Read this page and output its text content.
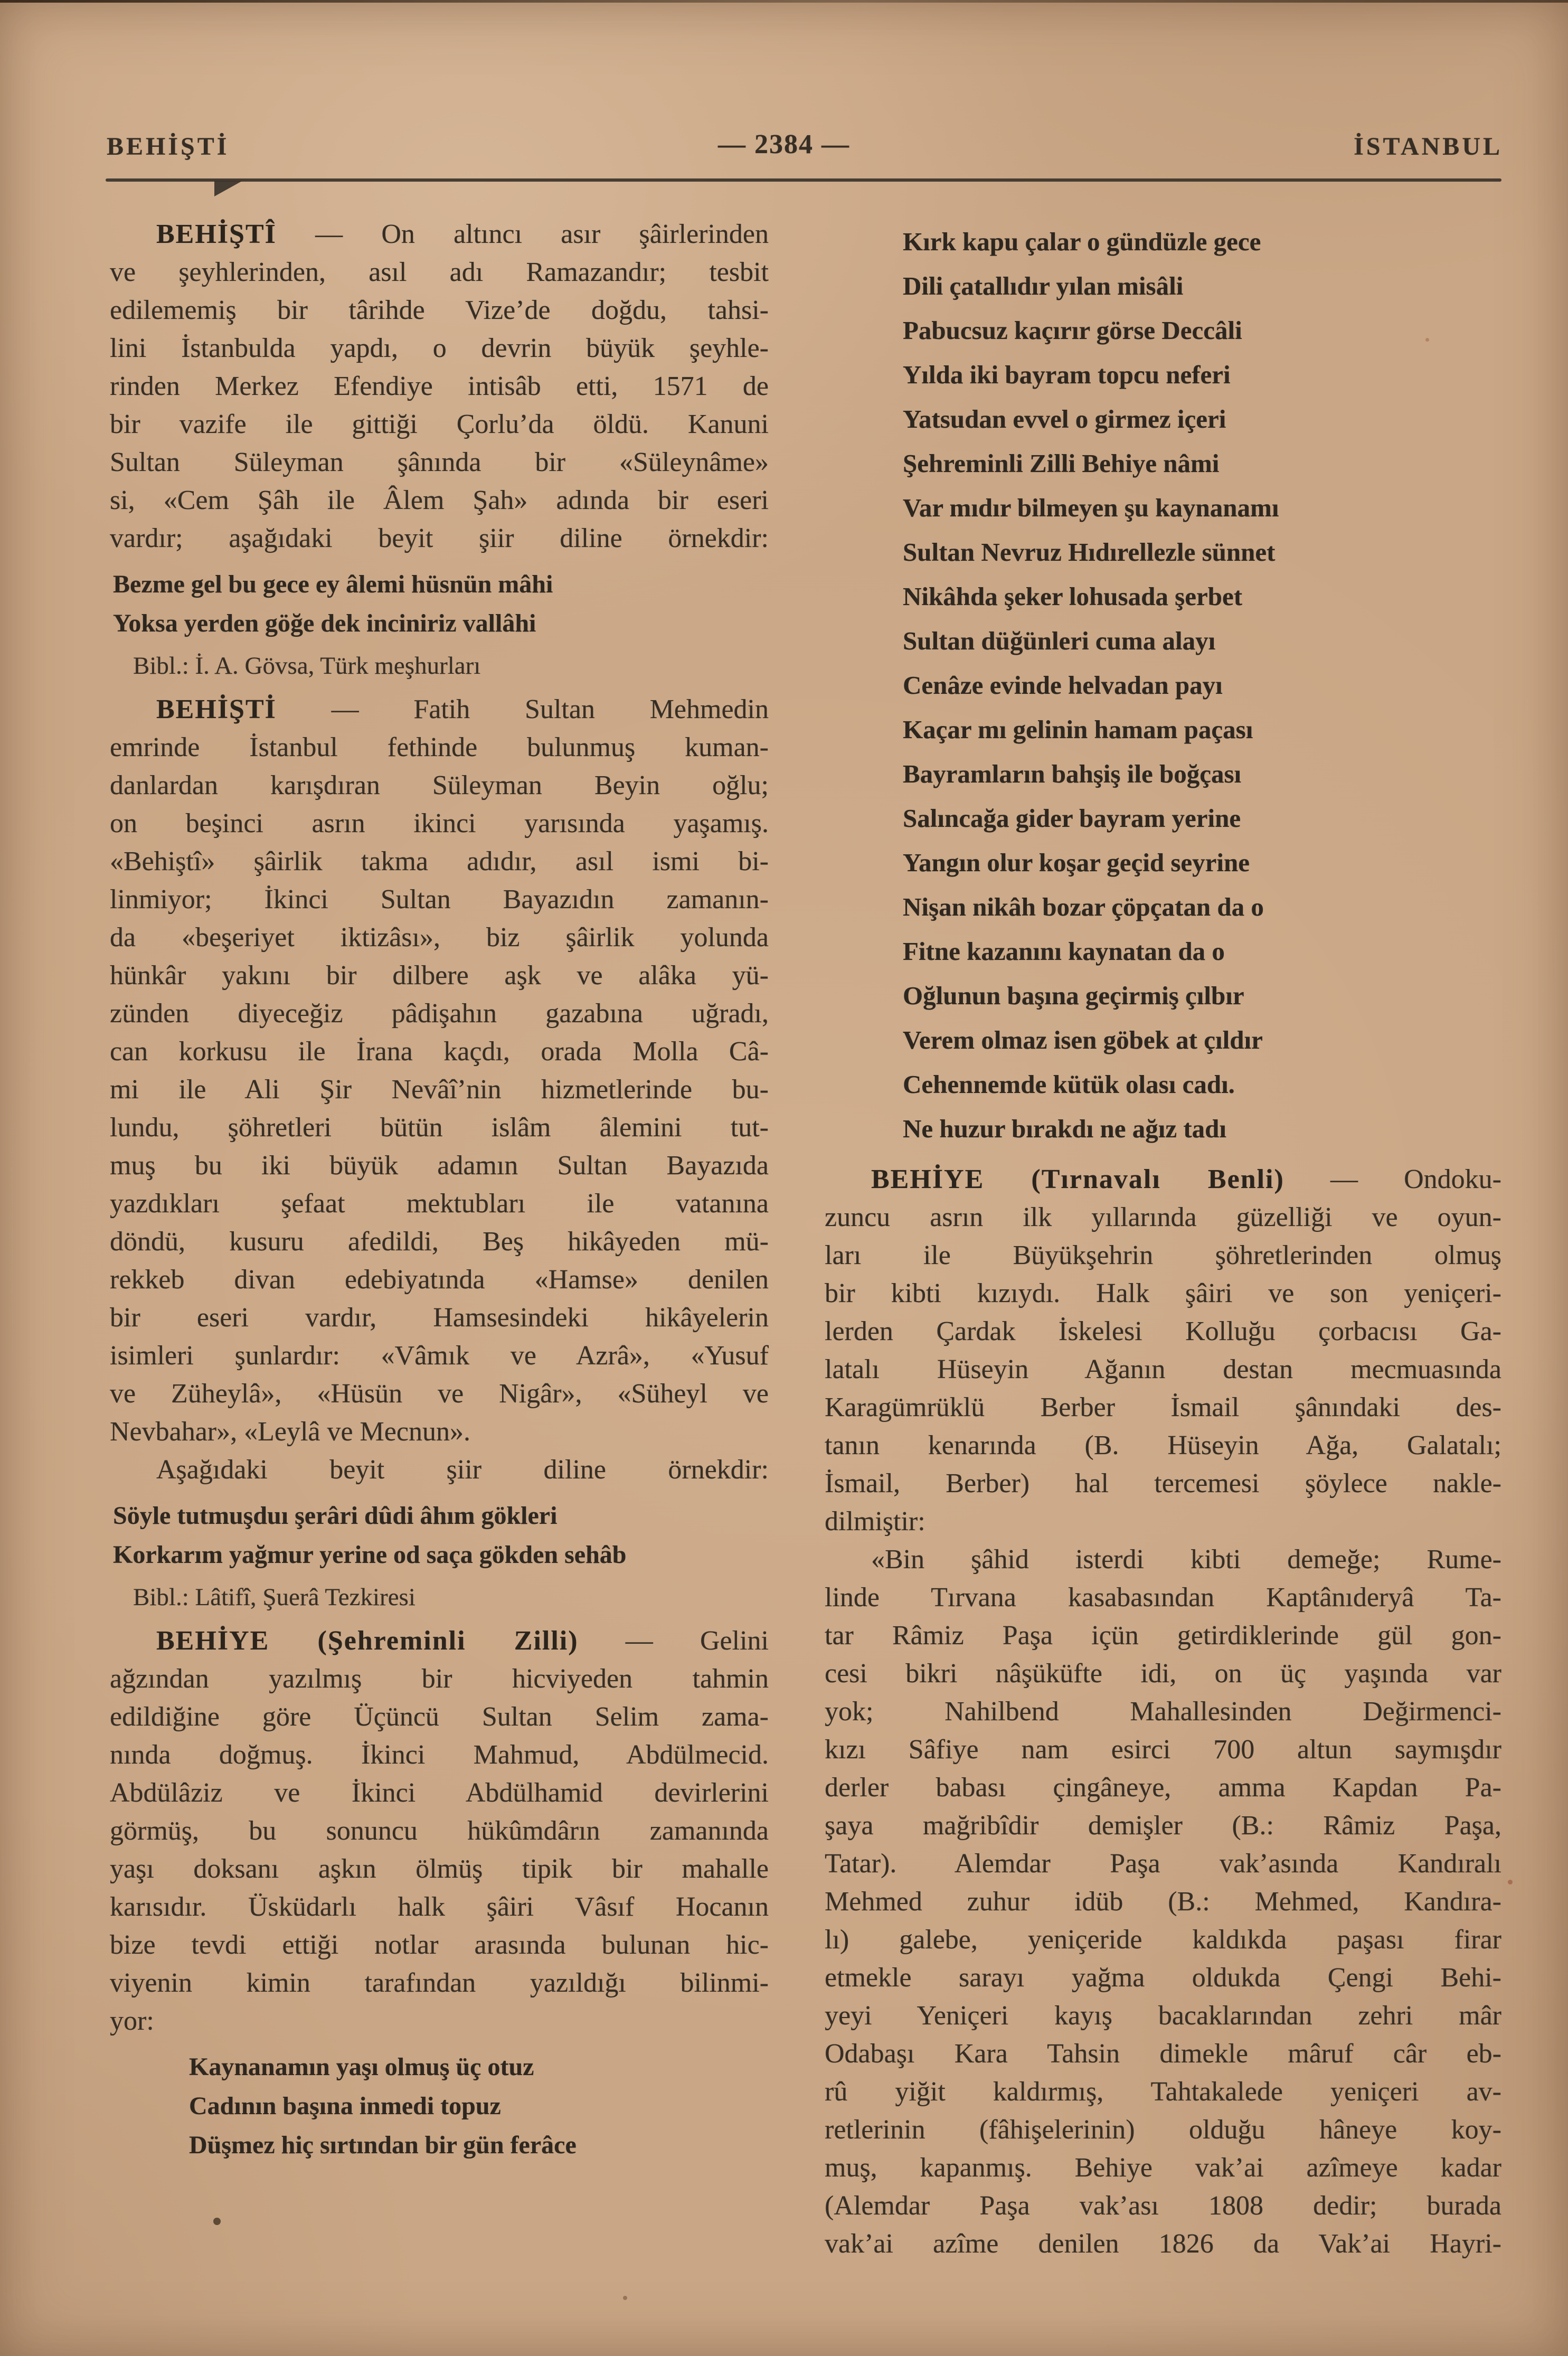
BEHİŞTİ	— 2384 —	İSTANBUL
BEHİŞTÎ — On altıncı asır şâirlerinden
ve şeyhlerinden, asıl adı Ramazandır; tesbit
edilememiş bir târihde Vize’de doğdu, tahsi-
lini İstanbulda yapdı, o devrin büyük şeyhle-
rinden Merkez Efendiye intisâb etti, 1571 de
bir vazife ile gittiği Çorlu’da öldü. Kanuni
Sultan Süleyman şânında bir «Süleynâme»
si, «Cem Şâh ile Âlem Şah» adında bir eseri
vardır; aşağıdaki beyit şiir diline örnekdir:
Bezme gel bu gece ey âlemi hüsnün mâhi
Yoksa yerden göğe dek inciniriz vallâhi
Bibl.: İ. A. Gövsa, Türk meşhurları
BEHİŞTİ — Fatih Sultan Mehmedin
emrinde İstanbul fethinde bulunmuş kuman-
danlardan karışdıran Süleyman Beyin oğlu;
on beşinci asrın ikinci yarısında yaşamış.
«Behiştî» şâirlik takma adıdır, asıl ismi bi-
linmiyor; İkinci Sultan Bayazıdın zamanın-
da «beşeriyet iktizâsı», biz şâirlik yolunda
hünkâr yakını bir dilbere aşk ve alâka yü-
zünden diyeceğiz pâdişahın gazabına uğradı,
can korkusu ile İrana kaçdı, orada Molla Câ-
mi ile Ali Şir Nevâî’nin hizmetlerinde bu-
lundu, şöhretleri bütün islâm âlemini tut-
muş bu iki büyük adamın Sultan Bayazıda
yazdıkları şefaat mektubları ile vatanına
döndü, kusuru afedildi, Beş hikâyeden mü-
rekkeb divan edebiyatında «Hamse» denilen
bir eseri vardır, Hamsesindeki hikâyelerin
isimleri şunlardır: «Vâmık ve Azrâ», «Yusuf
ve Züheylâ», «Hüsün ve Nigâr», «Süheyl ve
Nevbahar», «Leylâ ve Mecnun».
Aşağıdaki beyit şiir diline örnekdir:
Söyle tutmuşduı şerâri dûdi âhım gökleri
Korkarım yağmur yerine od saça gökden sehâb
Bibl.: Lâtifî, Şuerâ Tezkiresi
BEHİYE (Şehreminli Zilli) — Gelini
ağzından yazılmış bir hicviyeden tahmin
edildiğine göre Üçüncü Sultan Selim zama-
nında doğmuş. İkinci Mahmud, Abdülmecid.
Abdülâziz ve İkinci Abdülhamid devirlerini
görmüş, bu sonuncu hükûmdârın zamanında
yaşı doksanı aşkın ölmüş tipik bir mahalle
karısıdır. Üsküdarlı halk şâiri Vâsıf Hocanın
bize tevdi ettiği notlar arasında bulunan hic-
viyenin kimin tarafından yazıldığı bilinmi-
yor:
Kaynanamın yaşı olmuş üç otuz
Cadının başına inmedi topuz
Düşmez hiç sırtından bir gün ferâce
Kırk kapu çalar o gündüzle gece
Dili çatallıdır yılan misâli
Pabucsuz kaçırır görse Deccâli
Yılda iki bayram topcu neferi
Yatsudan evvel o girmez içeri
Şehreminli Zilli Behiye nâmi
Var mıdır bilmeyen şu kaynanamı
Sultan Nevruz Hıdırellezle sünnet
Nikâhda şeker lohusada şerbet
Sultan düğünleri cuma alayı
Cenâze evinde helvadan payı
Kaçar mı gelinin hamam paçası
Bayramların bahşiş ile boğçası
Salıncağa gider bayram yerine
Yangın olur koşar geçid seyrine
Nişan nikâh bozar çöpçatan da o
Fitne kazanını kaynatan da o
Oğlunun başına geçirmiş çılbır
Verem olmaz isen göbek at çıldır
Cehennemde kütük olası cadı.
Ne huzur bırakdı ne ağız tadı
BEHİYE (Tırnavalı Benli) — Ondoku-
zuncu asrın ilk yıllarında güzelliği ve oyun-
ları ile Büyükşehrin şöhretlerinden olmuş
bir kibti kızıydı. Halk şâiri ve son yeniçeri-
lerden Çardak İskelesi Kolluğu çorbacısı Ga-
latalı Hüseyin Ağanın destan mecmuasında
Karagümrüklü Berber İsmail şânındaki des-
tanın kenarında (B. Hüseyin Ağa, Galatalı;
İsmail, Berber) hal tercemesi şöylece nakle-
dilmiştir:
«Bin şâhid isterdi kibti demeğe; Rume-
linde Tırvana kasabasından Kaptânıderyâ Ta-
tar Râmiz Paşa içün getirdiklerinde gül gon-
cesi bikri nâşüküfte idi, on üç yaşında var
yok; Nahilbend Mahallesinden Değirmenci-
kızı Sâfiye nam esirci 700 altun saymışdır
derler babası çingâneye, amma Kapdan Pa-
şaya mağribîdir demişler (B.: Râmiz Paşa,
Tatar). Alemdar Paşa vak’asında Kandıralı
Mehmed zuhur idüb (B.: Mehmed, Kandıra-
lı) galebe, yeniçeride kaldıkda paşası firar
etmekle sarayı yağma oldukda Çengi Behi-
yeyi Yeniçeri kayış bacaklarından zehri mâr
Odabaşı Kara Tahsin dimekle mâruf câr eb-
rû yiğit kaldırmış, Tahtakalede yeniçeri av-
retlerinin (fâhişelerinin) olduğu hâneye koy-
muş, kapanmış. Behiye vak’ai azîmeye kadar
(Alemdar Paşa vak’ası 1808 dedir; burada
vak’ai azîme denilen 1826 da Vak’ai Hayri-
